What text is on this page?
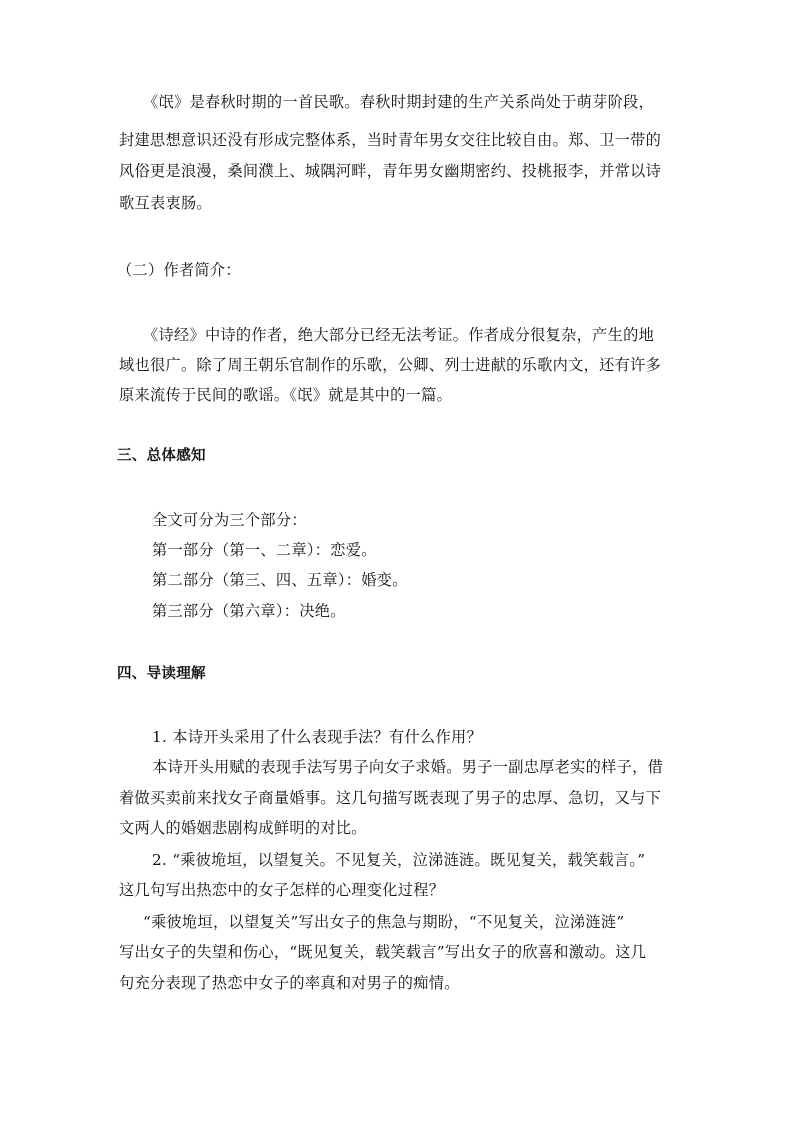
《氓》是春秋时期的一首民歌。春秋时期封建的生产关系尚处于萌芽阶段，
封建思想意识还没有形成完整体系，当时青年男女交往比较自由。郑、卫一带的
风俗更是浪漫，桑间濮上、城隅河畔，青年男女幽期密约、投桃报李，并常以诗
歌互表衷肠。
（二）作者简介：
《诗经》中诗的作者，绝大部分已经无法考证。作者成分很复杂，产生的地
域也很广。除了周王朝乐官制作的乐歌，公卿、列士进献的乐歌内文，还有许多
原来流传于民间的歌谣。《氓》就是其中的一篇。
三、总体感知
全文可分为三个部分：
第一部分（第一、二章）：恋爱。
第二部分（第三、四、五章）：婚变。
第三部分（第六章）：决绝。
四、导读理解
1. 本诗开头采用了什么表现手法？有什么作用？
本诗开头用赋的表现手法写男子向女子求婚。男子一副忠厚老实的样子，借
着做买卖前来找女子商量婚事。这几句描写既表现了男子的忠厚、急切，又与下
文两人的婚姻悲剧构成鲜明的对比。
2. “乘彼垝垣，以望复关。不见复关，泣涕涟涟。既见复关，载笑载言。”
这几句写出热恋中的女子怎样的心理变化过程？
“乘彼垝垣，以望复关”写出女子的焦急与期盼，“不见复关，泣涕涟涟”
写出女子的失望和伤心，“既见复关，载笑载言”写出女子的欣喜和激动。这几
句充分表现了热恋中女子的率真和对男子的痴情。
